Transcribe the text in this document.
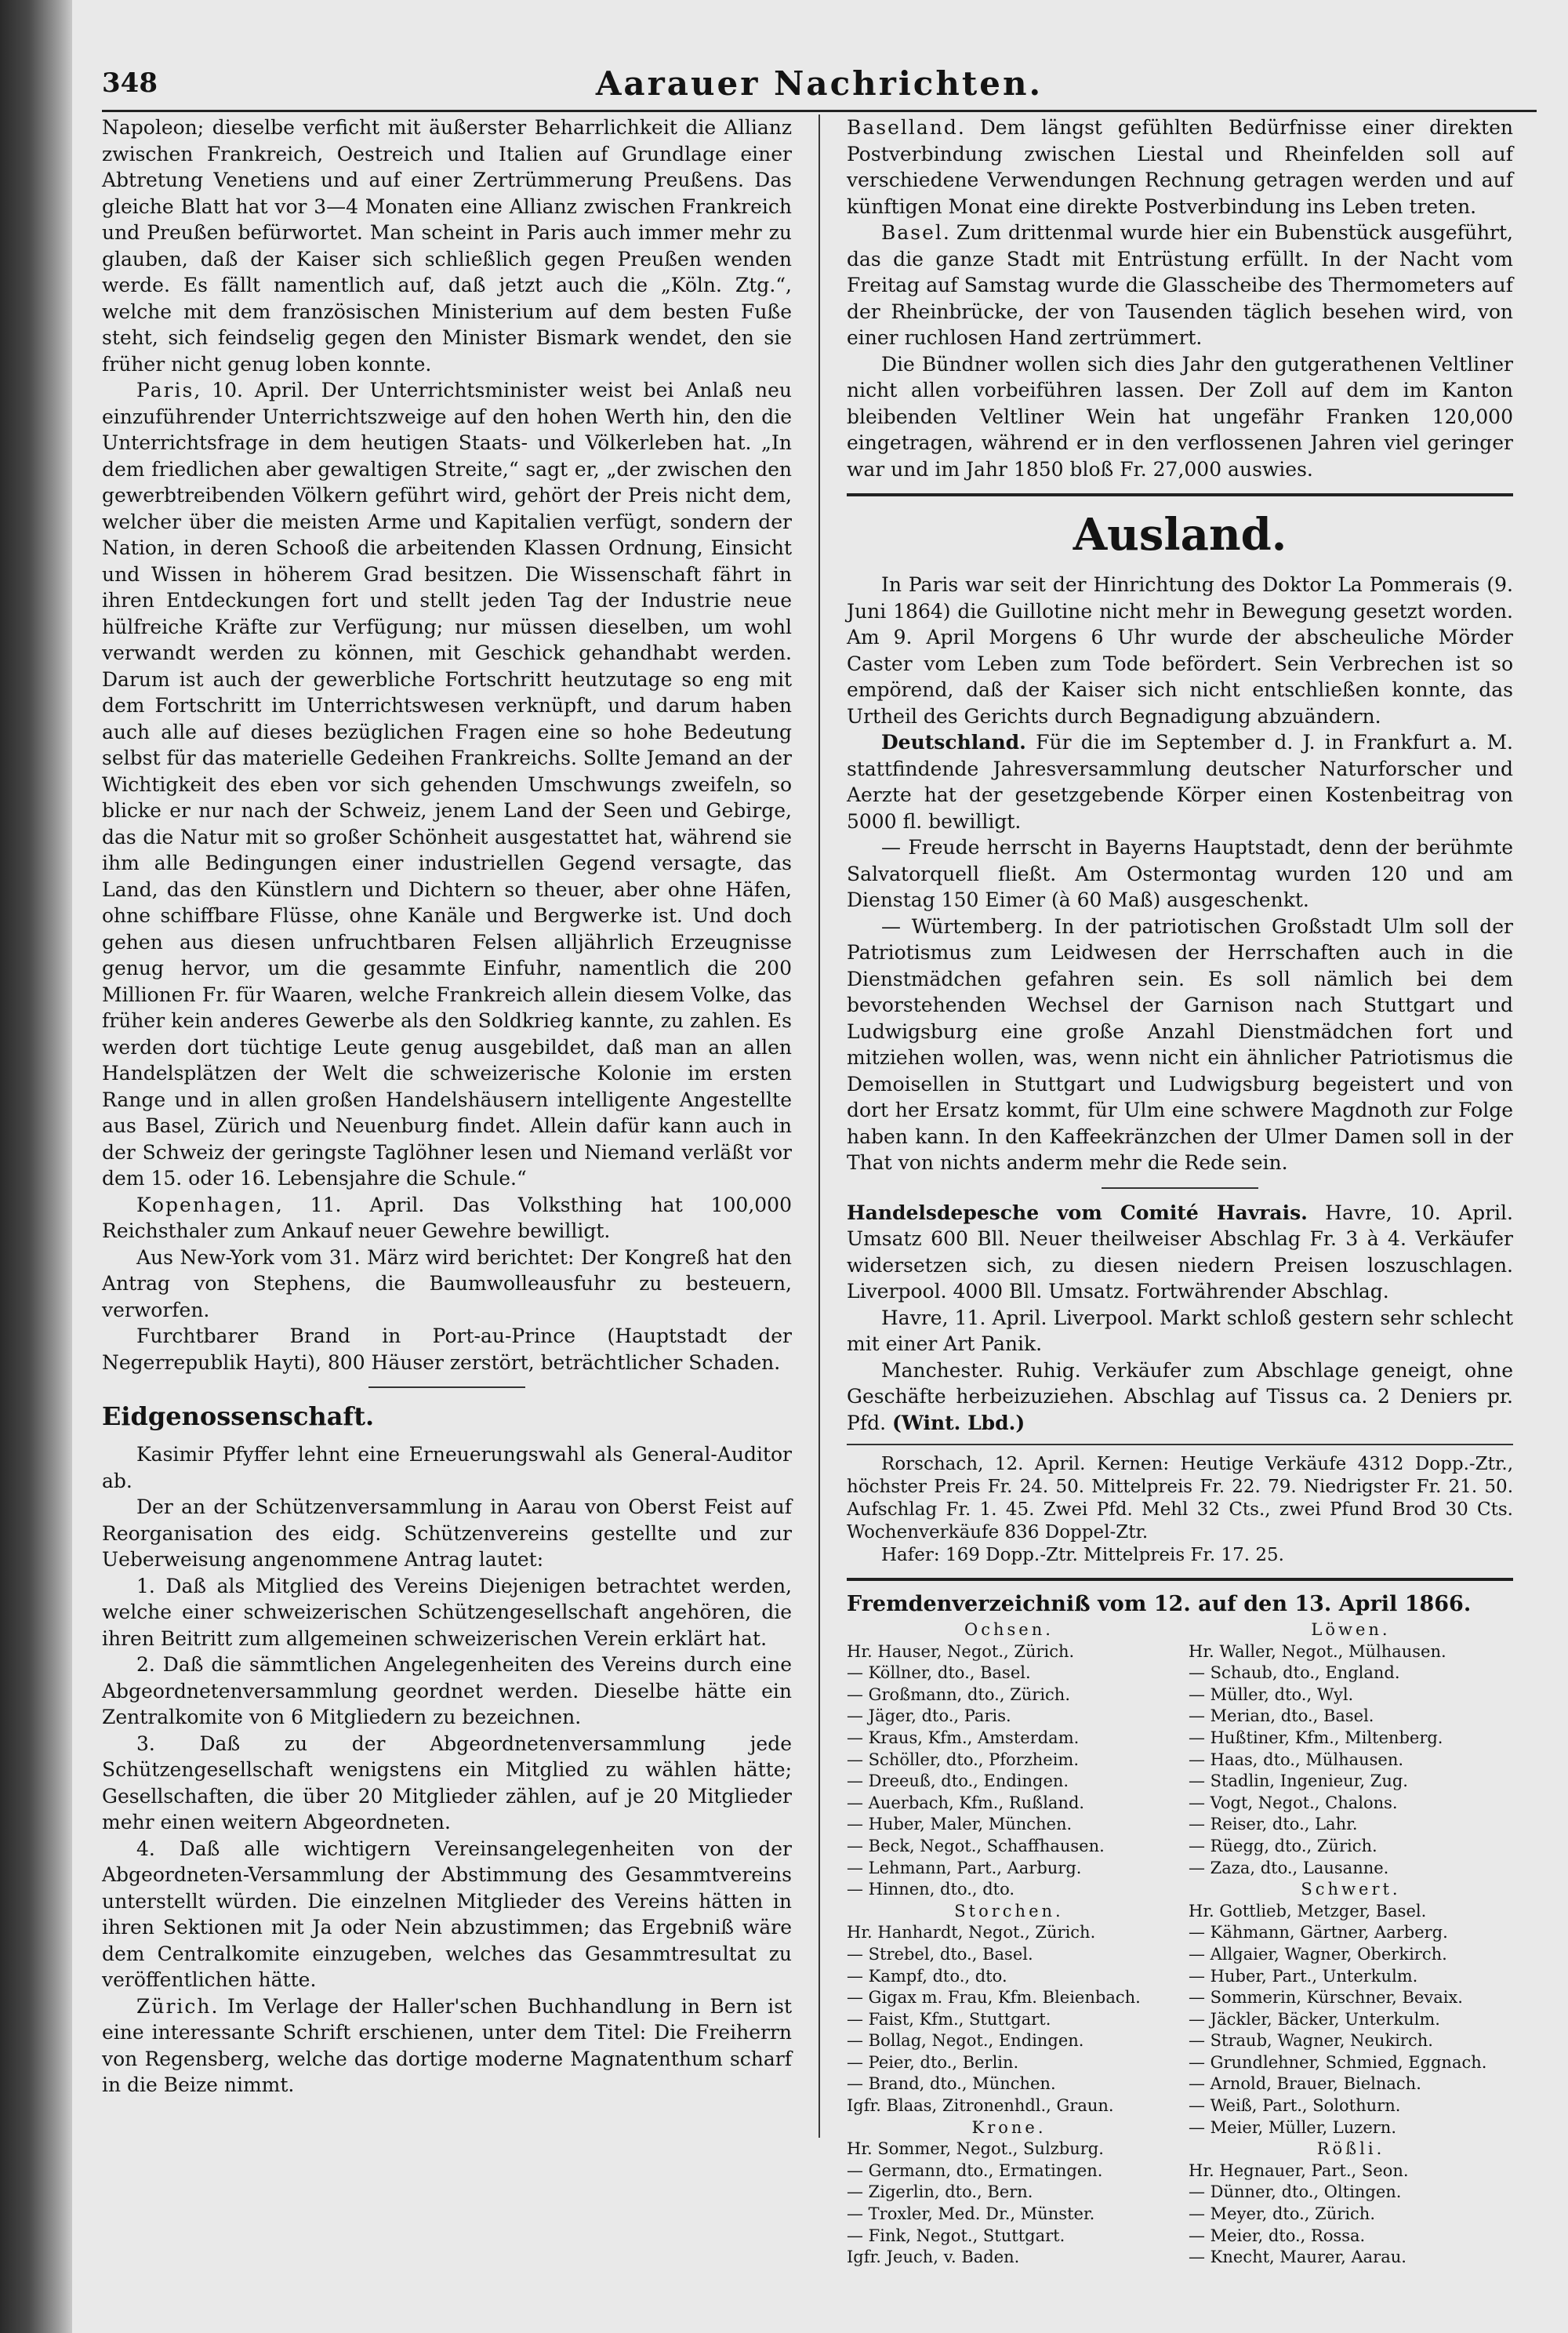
348	Aarauer Nachrichten.

Napoleon; dieselbe verficht mit äußerster Beharrlichkeit die Allianz zwischen Frankreich, Oestreich und Italien auf Grundlage einer Abtretung Venetiens und auf einer Zertrümmerung Preußens. Das gleiche Blatt hat vor 3—4 Monaten eine Allianz zwischen Frankreich und Preußen befürwortet. Man scheint in Paris auch immer mehr zu glauben, daß der Kaiser sich schließlich gegen Preußen wenden werde. Es fällt namentlich auf, daß jetzt auch die „Köln. Ztg.“, welche mit dem französischen Ministerium auf dem besten Fuße steht, sich feindselig gegen den Minister Bismark wendet, den sie früher nicht genug loben konnte.

Paris, 10. April. Der Unterrichtsminister weist bei Anlaß neu einzuführender Unterrichtszweige auf den hohen Werth hin, den die Unterrichtsfrage in dem heutigen Staats- und Völkerleben hat. „In dem friedlichen aber gewaltigen Streite,“ sagt er, „der zwischen den gewerbtreibenden Völkern geführt wird, gehört der Preis nicht dem, welcher über die meisten Arme und Kapitalien verfügt, sondern der Nation, in deren Schooß die arbeitenden Klassen Ordnung, Einsicht und Wissen in höherem Grad besitzen. Die Wissenschaft fährt in ihren Entdeckungen fort und stellt jeden Tag der Industrie neue hülfreiche Kräfte zur Verfügung; nur müssen dieselben, um wohl verwandt werden zu können, mit Geschick gehandhabt werden. Darum ist auch der gewerbliche Fortschritt heutzutage so eng mit dem Fortschritt im Unterrichtswesen verknüpft, und darum haben auch alle auf dieses bezüglichen Fragen eine so hohe Bedeutung selbst für das materielle Gedeihen Frankreichs. Sollte Jemand an der Wichtigkeit des eben vor sich gehenden Umschwungs zweifeln, so blicke er nur nach der Schweiz, jenem Land der Seen und Gebirge, das die Natur mit so großer Schönheit ausgestattet hat, während sie ihm alle Bedingungen einer industriellen Gegend versagte, das Land, das den Künstlern und Dichtern so theuer, aber ohne Häfen, ohne schiffbare Flüsse, ohne Kanäle und Bergwerke ist. Und doch gehen aus diesen unfruchtbaren Felsen alljährlich Erzeugnisse genug hervor, um die gesammte Einfuhr, namentlich die 200 Millionen Fr. für Waaren, welche Frankreich allein diesem Volke, das früher kein anderes Gewerbe als den Soldkrieg kannte, zu zahlen. Es werden dort tüchtige Leute genug ausgebildet, daß man an allen Handelsplätzen der Welt die schweizerische Kolonie im ersten Range und in allen großen Handelshäusern intelligente Angestellte aus Basel, Zürich und Neuenburg findet. Allein dafür kann auch in der Schweiz der geringste Taglöhner lesen und Niemand verläßt vor dem 15. oder 16. Lebensjahre die Schule.“

Kopenhagen, 11. April. Das Volksthing hat 100,000 Reichsthaler zum Ankauf neuer Gewehre bewilligt.

Aus New-York vom 31. März wird berichtet: Der Kongreß hat den Antrag von Stephens, die Baumwolleausfuhr zu besteuern, verworfen.

Furchtbarer Brand in Port-au-Prince (Hauptstadt der Negerrepublik Hayti), 800 Häuser zerstört, beträchtlicher Schaden.

Eidgenossenschaft.

Kasimir Pfyffer lehnt eine Erneuerungswahl als General-Auditor ab.

Der an der Schützenversammlung in Aarau von Oberst Feist auf Reorganisation des eidg. Schützenvereins gestellte und zur Ueberweisung angenommene Antrag lautet:

1. Daß als Mitglied des Vereins Diejenigen betrachtet werden, welche einer schweizerischen Schützengesellschaft angehören, die ihren Beitritt zum allgemeinen schweizerischen Verein erklärt hat.

2. Daß die sämmtlichen Angelegenheiten des Vereins durch eine Abgeordnetenversammlung geordnet werden. Dieselbe hätte ein Zentralkomite von 6 Mitgliedern zu bezeichnen.

3. Daß zu der Abgeordnetenversammlung jede Schützengesellschaft wenigstens ein Mitglied zu wählen hätte; Gesellschaften, die über 20 Mitglieder zählen, auf je 20 Mitglieder mehr einen weitern Abgeordneten.

4. Daß alle wichtigern Vereinsangelegenheiten von der Abgeordneten-Versammlung der Abstimmung des Gesammtvereins unterstellt würden. Die einzelnen Mitglieder des Vereins hätten in ihren Sektionen mit Ja oder Nein abzustimmen; das Ergebniß wäre dem Centralkomite einzugeben, welches das Gesammtresultat zu veröffentlichen hätte.

Zürich. Im Verlage der Haller'schen Buchhandlung in Bern ist eine interessante Schrift erschienen, unter dem Titel: Die Freiherrn von Regensberg, welche das dortige moderne Magnatenthum scharf in die Beize nimmt.

Baselland. Dem längst gefühlten Bedürfnisse einer direkten Postverbindung zwischen Liestal und Rheinfelden soll auf verschiedene Verwendungen Rechnung getragen werden und auf künftigen Monat eine direkte Postverbindung ins Leben treten.

Basel. Zum drittenmal wurde hier ein Bubenstück ausgeführt, das die ganze Stadt mit Entrüstung erfüllt. In der Nacht vom Freitag auf Samstag wurde die Glasscheibe des Thermometers auf der Rheinbrücke, der von Tausenden täglich besehen wird, von einer ruchlosen Hand zertrümmert.

Die Bündner wollen sich dies Jahr den gutgerathenen Veltliner nicht allen vorbeiführen lassen. Der Zoll auf dem im Kanton bleibenden Veltliner Wein hat ungefähr Franken 120,000 eingetragen, während er in den verflossenen Jahren viel geringer war und im Jahr 1850 bloß Fr. 27,000 auswies.

Ausland.

In Paris war seit der Hinrichtung des Doktor La Pommerais (9. Juni 1864) die Guillotine nicht mehr in Bewegung gesetzt worden. Am 9. April Morgens 6 Uhr wurde der abscheuliche Mörder Caster vom Leben zum Tode befördert. Sein Verbrechen ist so empörend, daß der Kaiser sich nicht entschließen konnte, das Urtheil des Gerichts durch Begnadigung abzuändern.

Deutschland. Für die im September d. J. in Frankfurt a. M. stattfindende Jahresversammlung deutscher Naturforscher und Aerzte hat der gesetzgebende Körper einen Kostenbeitrag von 5000 fl. bewilligt.

— Freude herrscht in Bayerns Hauptstadt, denn der berühmte Salvatorquell fließt. Am Ostermontag wurden 120 und am Dienstag 150 Eimer (à 60 Maß) ausgeschenkt.

— Würtemberg. In der patriotischen Großstadt Ulm soll der Patriotismus zum Leidwesen der Herrschaften auch in die Dienstmädchen gefahren sein. Es soll nämlich bei dem bevorstehenden Wechsel der Garnison nach Stuttgart und Ludwigsburg eine große Anzahl Dienstmädchen fort und mitziehen wollen, was, wenn nicht ein ähnlicher Patriotismus die Demoisellen in Stuttgart und Ludwigsburg begeistert und von dort her Ersatz kommt, für Ulm eine schwere Magdnoth zur Folge haben kann. In den Kaffeekränzchen der Ulmer Damen soll in der That von nichts anderm mehr die Rede sein.

Handelsdepesche vom Comité Havrais. Havre, 10. April. Umsatz 600 Bll. Neuer theilweiser Abschlag Fr. 3 à 4. Verkäufer widersetzen sich, zu diesen niedern Preisen loszuschlagen. Liverpool. 4000 Bll. Umsatz. Fortwährender Abschlag.

Havre, 11. April. Liverpool. Markt schloß gestern sehr schlecht mit einer Art Panik.

Manchester. Ruhig. Verkäufer zum Abschlage geneigt, ohne Geschäfte herbeizuziehen. Abschlag auf Tissus ca. 2 Deniers pr. Pfd. (Wint. Lbd.)

Rorschach, 12. April. Kernen: Heutige Verkäufe 4312 Dopp.-Ztr., höchster Preis Fr. 24. 50. Mittelpreis Fr. 22. 79. Niedrigster Fr. 21. 50. Aufschlag Fr. 1. 45. Zwei Pfd. Mehl 32 Cts., zwei Pfund Brod 30 Cts. Wochenverkäufe 836 Doppel-Ztr.

Hafer: 169 Dopp.-Ztr. Mittelpreis Fr. 17. 25.

Fremdenverzeichniß vom 12. auf den 13. April 1866.

Ochsen.
Hr. Hauser, Negot., Zürich.
— Köllner, dto., Basel.
— Großmann, dto., Zürich.
— Jäger, dto., Paris.
— Kraus, Kfm., Amsterdam.
— Schöller, dto., Pforzheim.
— Dreeuß, dto., Endingen.
— Auerbach, Kfm., Rußland.
— Huber, Maler, München.
— Beck, Negot., Schaffhausen.
— Lehmann, Part., Aarburg.
— Hinnen, dto., dto.
Storchen.
Hr. Hanhardt, Negot., Zürich.
— Strebel, dto., Basel.
— Kampf, dto., dto.
— Gigax m. Frau, Kfm. Bleienbach.
— Faist, Kfm., Stuttgart.
— Bollag, Negot., Endingen.
— Peier, dto., Berlin.
— Brand, dto., München.
Igfr. Blaas, Zitronenhdl., Graun.
Krone.
Hr. Sommer, Negot., Sulzburg.
— Germann, dto., Ermatingen.
— Zigerlin, dto., Bern.
— Troxler, Med. Dr., Münster.
— Fink, Negot., Stuttgart.
Igfr. Jeuch, v. Baden.
Löwen.
Hr. Waller, Negot., Mülhausen.
— Schaub, dto., England.
— Müller, dto., Wyl.
— Merian, dto., Basel.
— Hußtiner, Kfm., Miltenberg.
— Haas, dto., Mülhausen.
— Stadlin, Ingenieur, Zug.
— Vogt, Negot., Chalons.
— Reiser, dto., Lahr.
— Rüegg, dto., Zürich.
— Zaza, dto., Lausanne.
Schwert.
Hr. Gottlieb, Metzger, Basel.
— Kähmann, Gärtner, Aarberg.
— Allgaier, Wagner, Oberkirch.
— Huber, Part., Unterkulm.
— Sommerin, Kürschner, Bevaix.
— Jäckler, Bäcker, Unterkulm.
— Straub, Wagner, Neukirch.
— Grundlehner, Schmied, Eggnach.
— Arnold, Brauer, Bielnach.
— Weiß, Part., Solothurn.
— Meier, Müller, Luzern.
Rößli.
Hr. Hegnauer, Part., Seon.
— Dünner, dto., Oltingen.
— Meyer, dto., Zürich.
— Meier, dto., Rossa.
— Knecht, Maurer, Aarau.
